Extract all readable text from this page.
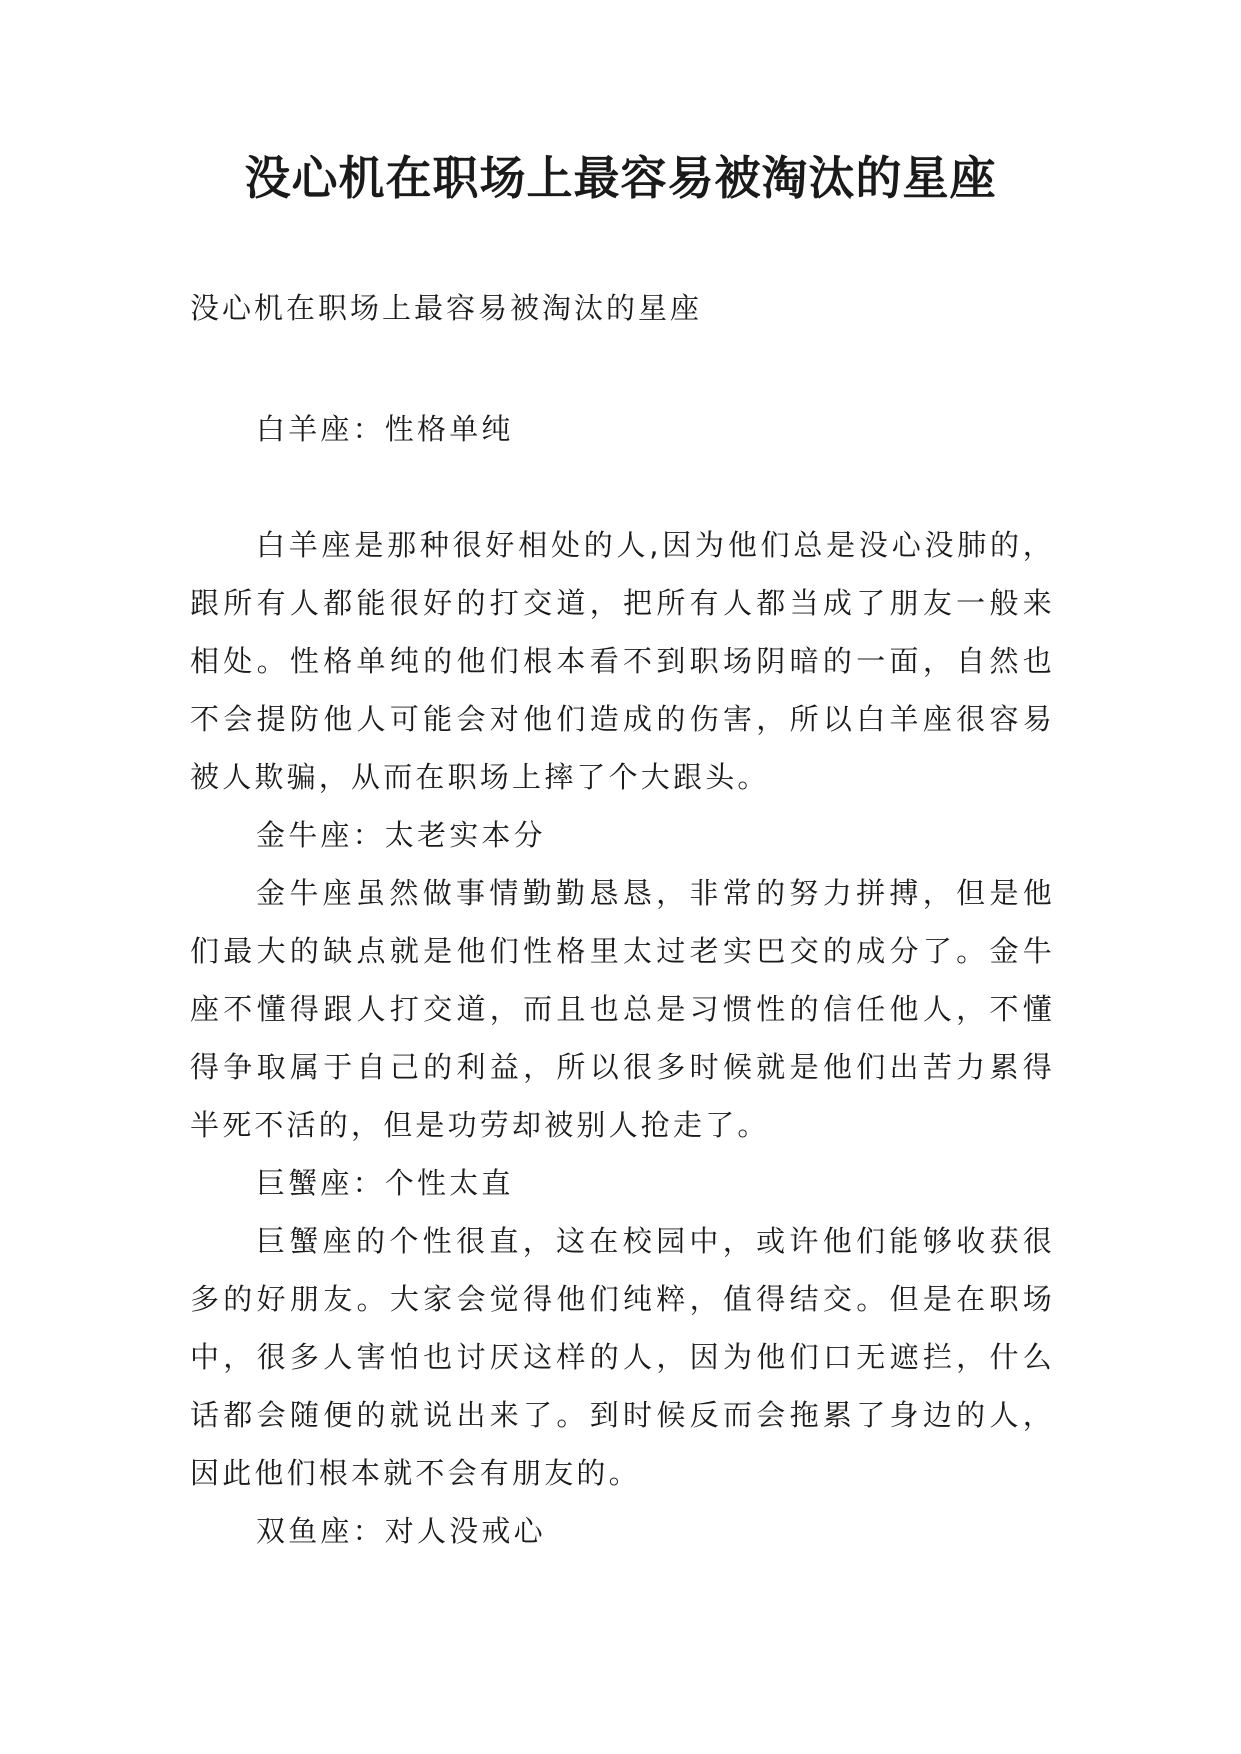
没心机在职场上最容易被淘汰的星座
没心机在职场上最容易被淘汰的星座

白羊座：性格单纯

白羊座是那种很好相处的人,因为他们总是没心没肺的，跟所有人都能很好的打交道，把所有人都当成了朋友一般来相处。性格单纯的他们根本看不到职场阴暗的一面，自然也不会提防他人可能会对他们造成的伤害，所以白羊座很容易被人欺骗，从而在职场上摔了个大跟头。

金牛座：太老实本分

金牛座虽然做事情勤勤恳恳，非常的努力拼搏，但是他们最大的缺点就是他们性格里太过老实巴交的成分了。金牛座不懂得跟人打交道，而且也总是习惯性的信任他人，不懂得争取属于自己的利益，所以很多时候就是他们出苦力累得半死不活的，但是功劳却被别人抢走了。

巨蟹座：个性太直

巨蟹座的个性很直，这在校园中，或许他们能够收获很多的好朋友。大家会觉得他们纯粹，值得结交。但是在职场中，很多人害怕也讨厌这样的人，因为他们口无遮拦，什么话都会随便的就说出来了。到时候反而会拖累了身边的人，因此他们根本就不会有朋友的。

双鱼座：对人没戒心
